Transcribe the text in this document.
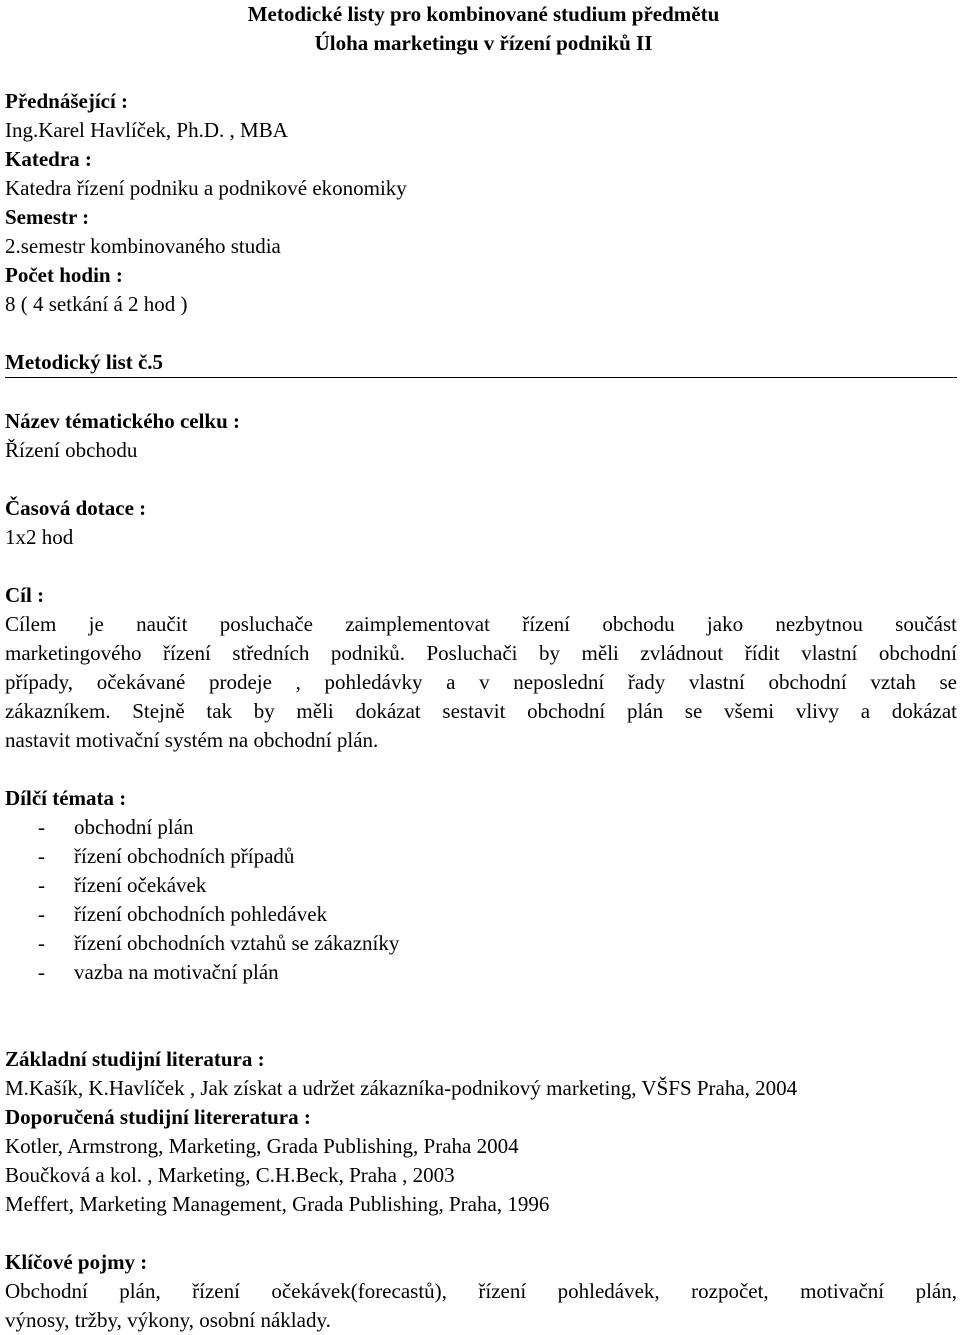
Metodické listy pro kombinované studium předmětu
Úloha marketingu v řízení podniků II
Přednášející :
Ing.Karel Havlíček, Ph.D. , MBA
Katedra :
Katedra řízení podniku a podnikové ekonomiky
Semestr :
2.semestr kombinovaného studia
Počet hodin :
8 ( 4 setkání á 2 hod )
Metodický list č.5
Název tématického celku :
Řízení obchodu
Časová dotace :
1x2 hod
Cíl :
Cílem je naučit posluchače zaimplementovat řízení obchodu jako nezbytnou součást
marketingového řízení středních podniků. Posluchači by měli zvládnout řídit vlastní obchodní
případy, očekávané prodeje , pohledávky a v neposlední řady vlastní obchodní vztah se
zákazníkem. Stejně tak by měli dokázat sestavit obchodní plán se všemi vlivy a dokázat
nastavit motivační systém na obchodní plán.
Dílčí témata :
- obchodní plán
- řízení obchodních případů
- řízení očekávek
- řízení obchodních pohledávek
- řízení obchodních vztahů se zákazníky
- vazba na motivační plán
Základní studijní literatura :
M.Kašík, K.Havlíček , Jak získat a udržet zákazníka-podnikový marketing, VŠFS Praha, 2004
Doporučená studijní litereratura :
Kotler, Armstrong, Marketing, Grada Publishing, Praha 2004
Boučková a kol. , Marketing, C.H.Beck, Praha , 2003
Meffert, Marketing Management, Grada Publishing, Praha, 1996
Klíčové pojmy :
Obchodní plán, řízení očekávek(forecastů), řízení pohledávek, rozpočet, motivační plán,
výnosy, tržby, výkony, osobní náklady.
